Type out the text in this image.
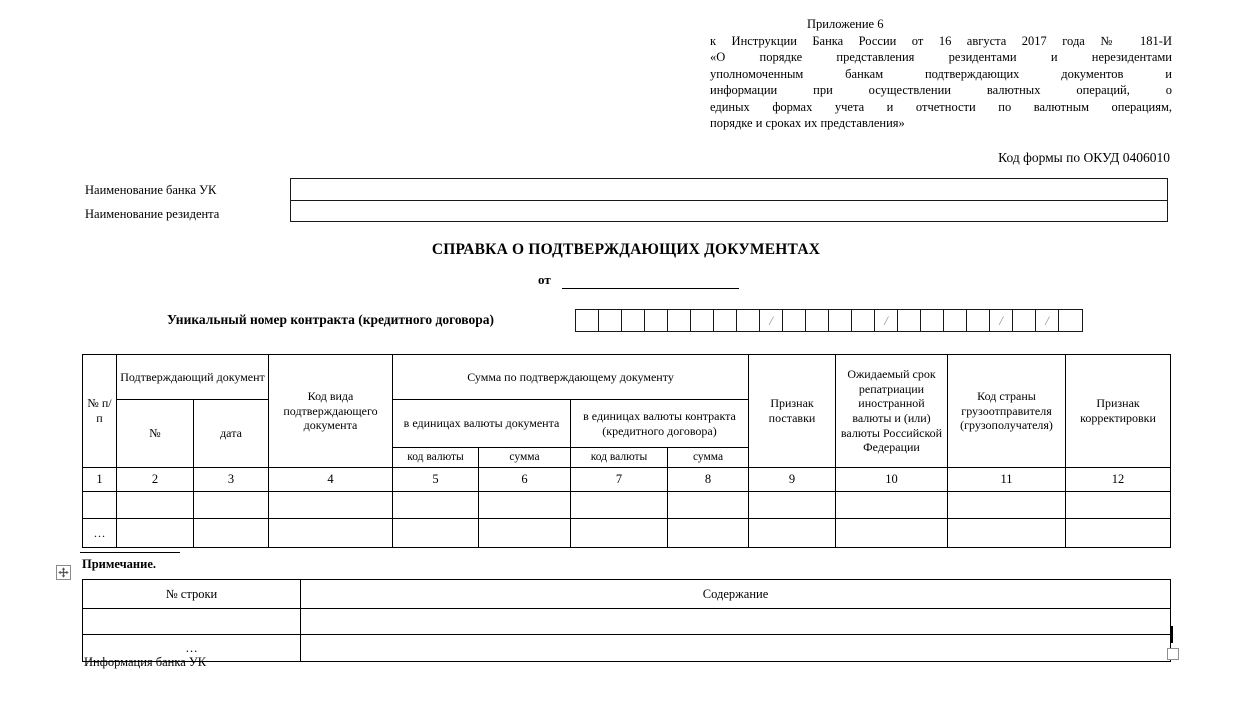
Приложение 6
к Инструкции Банка России от 16 августа 2017 года № 181-И
«О порядке представления резидентами и нерезидентами
уполномоченным банкам подтверждающих документов и
информации при осуществлении валютных операций, о
единых формах учета и отчетности по валютным операциям,
порядке и сроках их представления»
Код формы по ОКУД 0406010
Наименование банка УК
Наименование резидента
СПРАВКА О ПОДТВЕРЖДАЮЩИХ ДОКУМЕНТАХ
от
Уникальный номер контракта (кредитного договора)	/	/	/	/
№ п/п	Подтверждающий документ		Код вида подтверждающего документа	Сумма по подтверждающему документу				Признак поставки	Ожидаемый срок репатриации иностранной валюты и (или) валюты Российской Федерации	Код страны грузоотправителя (грузополучателя)	Признак корректировки
	№	дата		в единицах валюты документа		в единицах валюты контракта (кредитного договора)					
				код валюты	сумма	код валюты	сумма				
1	2	3	4	5	6	7	8	9	10	11	12

…											
Примечание.
№ строки	Содержание

…	
Информация банка УК
